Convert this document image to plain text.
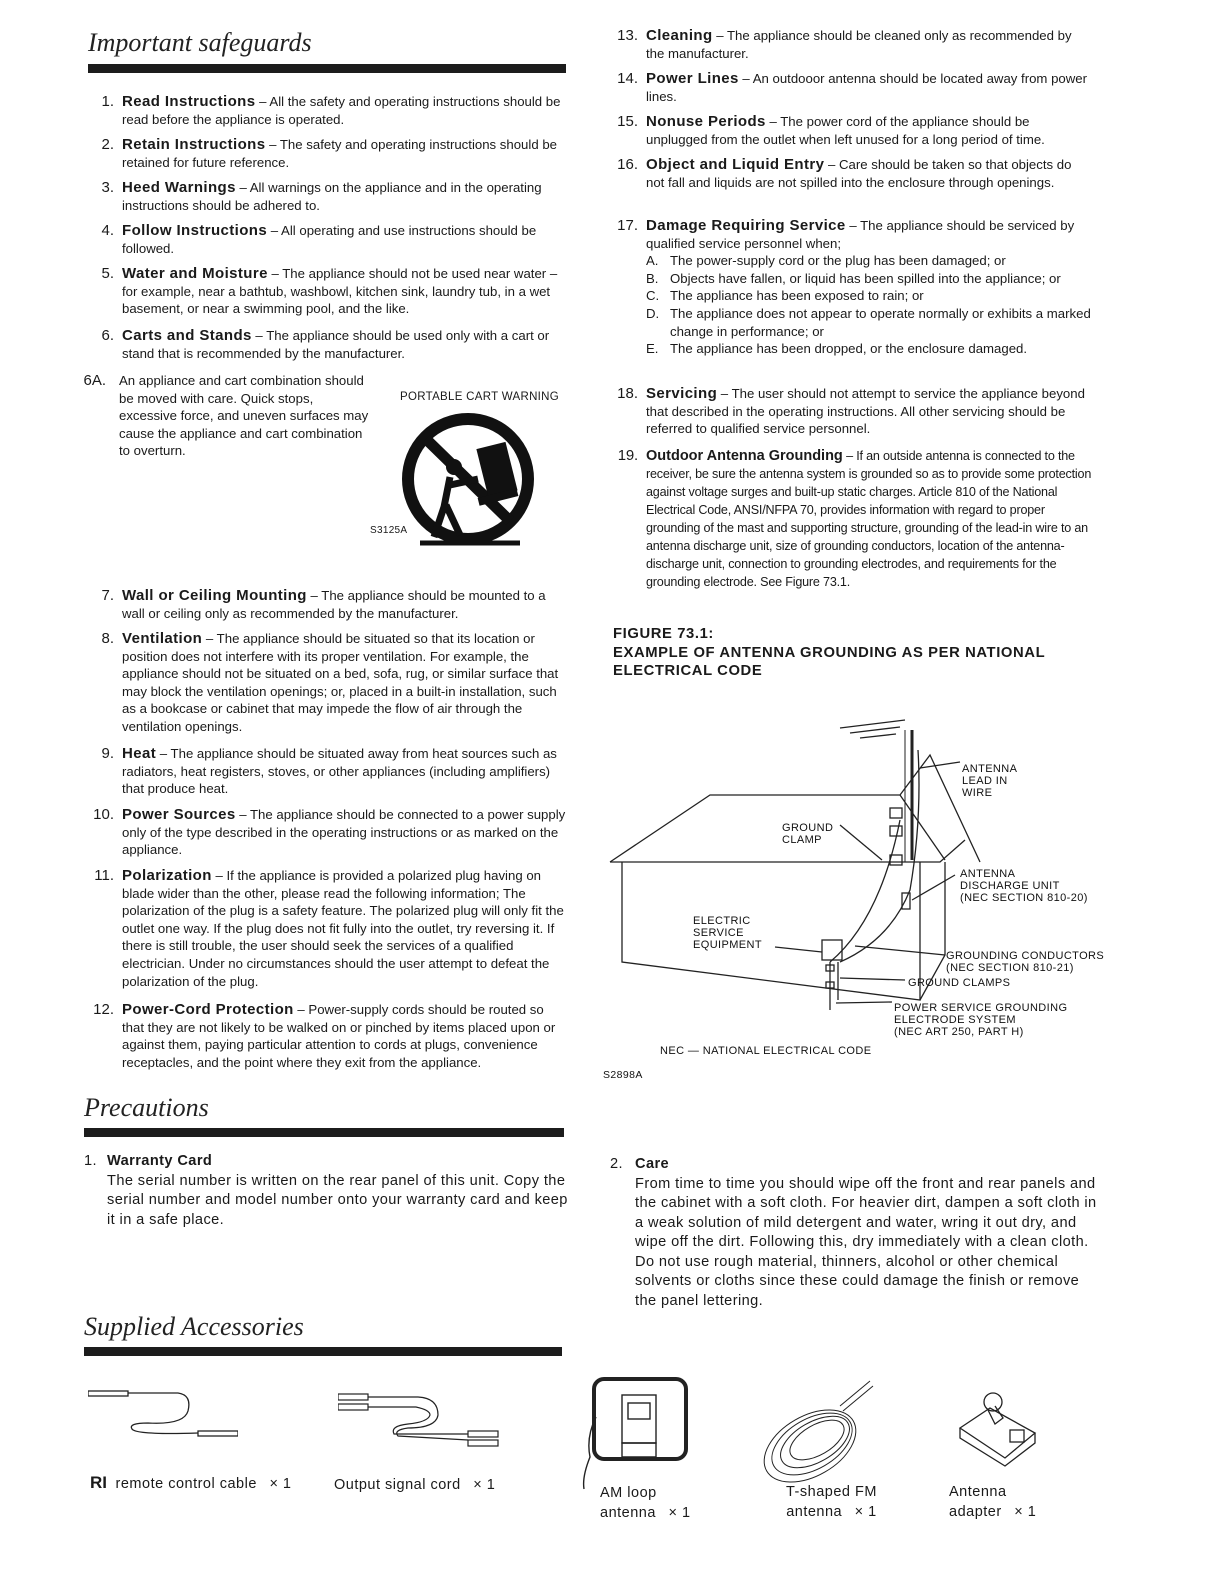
Important safeguards
1. Read Instructions – All the safety and operating instructions should be read before the appliance is operated.
2. Retain Instructions – The safety and operating instructions should be retained for future reference.
3. Heed Warnings – All warnings on the appliance and in the operating instructions should be adhered to.
4. Follow Instructions – All operating and use instructions should be followed.
5. Water and Moisture – The appliance should not be used near water – for example, near a bathtub, washbowl, kitchen sink, laundry tub, in a wet basement, or near a swimming pool, and the like.
6. Carts and Stands – The appliance should be used only with a cart or stand that is recommended by the manufacturer.
6A. An appliance and cart combination should be moved with care. Quick stops, excessive force, and uneven surfaces may cause the appliance and cart combination to overturn.
PORTABLE CART WARNING
S3125A
7. Wall or Ceiling Mounting – The appliance should be mounted to a wall or ceiling only as recommended by the manufacturer.
8. Ventilation – The appliance should be situated so that its location or position does not interfere with its proper ventilation. For example, the appliance should not be situated on a bed, sofa, rug, or similar surface that may block the ventilation openings; or, placed in a built-in installation, such as a bookcase or cabinet that may impede the flow of air through the ventilation openings.
9. Heat – The appliance should be situated away from heat sources such as radiators, heat registers, stoves, or other appliances (including amplifiers) that produce heat.
10. Power Sources – The appliance should be connected to a power supply only of the type described in the operating instructions or as marked on the appliance.
11. Polarization – If the appliance is provided a polarized plug having on blade wider than the other, please read the following information; The polarization of the plug is a safety feature. The polarized plug will only fit the outlet one way. If the plug does not fit fully into the outlet, try reversing it. If there is still trouble, the user should seek the services of a qualified electrician. Under no circumstances should the user attempt to defeat the polarization of the plug.
12. Power-Cord Protection – Power-supply cords should be routed so that they are not likely to be walked on or pinched by items placed upon or against them, paying particular attention to cords at plugs, convenience receptacles, and the point where they exit from the appliance.
13. Cleaning – The appliance should be cleaned only as recommended by the manufacturer.
14. Power Lines – An outdooor antenna should be located away from power lines.
15. Nonuse Periods – The power cord of the appliance should be unplugged from the outlet when left unused for a long period of time.
16. Object and Liquid Entry – Care should be taken so that objects do not fall and liquids are not spilled into the enclosure through openings.
17. Damage Requiring Service – The appliance should be serviced by qualified service personnel when;
A. The power-supply cord or the plug has been damaged; or
B. Objects have fallen, or liquid has been spilled into the appliance; or
C. The appliance has been exposed to rain; or
D. The appliance does not appear to operate normally or exhibits a marked change in performance; or
E. The appliance has been dropped, or the enclosure damaged.
18. Servicing – The user should not attempt to service the appliance beyond that described in the operating instructions. All other servicing should be referred to qualified service personnel.
19. Outdoor Antenna Grounding – If an outside antenna is connected to the receiver, be sure the antenna system is grounded so as to provide some protection against voltage surges and built-up static charges. Article 810 of the National Electrical Code, ANSI/NFPA 70, provides information with regard to proper grounding of the mast and supporting structure, grounding of the lead-in wire to an antenna discharge unit, size of grounding conductors, location of the antenna-discharge unit, connection to grounding electrodes, and requirements for the grounding electrode. See Figure 73.1.
FIGURE 73.1:
EXAMPLE OF ANTENNA GROUNDING AS PER NATIONAL ELECTRICAL CODE
ANTENNA
LEAD IN
WIRE
GROUND
CLAMP
ANTENNA
DISCHARGE UNIT
(NEC SECTION 810-20)
ELECTRIC
SERVICE
EQUIPMENT
GROUNDING CONDUCTORS
(NEC SECTION 810-21)
GROUND CLAMPS
POWER SERVICE GROUNDING
ELECTRODE SYSTEM
(NEC ART 250, PART H)
NEC — NATIONAL ELECTRICAL CODE
S2898A
Precautions
1. Warranty Card
The serial number is written on the rear panel of this unit. Copy the serial number and model number onto your warranty card and keep it in a safe place.
2. Care
From time to time you should wipe off the front and rear panels and the cabinet with a soft cloth. For heavier dirt, dampen a soft cloth in a weak solution of mild detergent and water, wring it out dry, and wipe off the dirt. Following this, dry immediately with a clean cloth. Do not use rough material, thinners, alcohol or other chemical solvents or cloths since these could damage the finish or remove the panel lettering.
Supplied Accessories
RI remote control cable × 1	Output signal cord × 1	AM loop
antenna × 1
T-shaped FM
antenna × 1
Antenna
adapter × 1
